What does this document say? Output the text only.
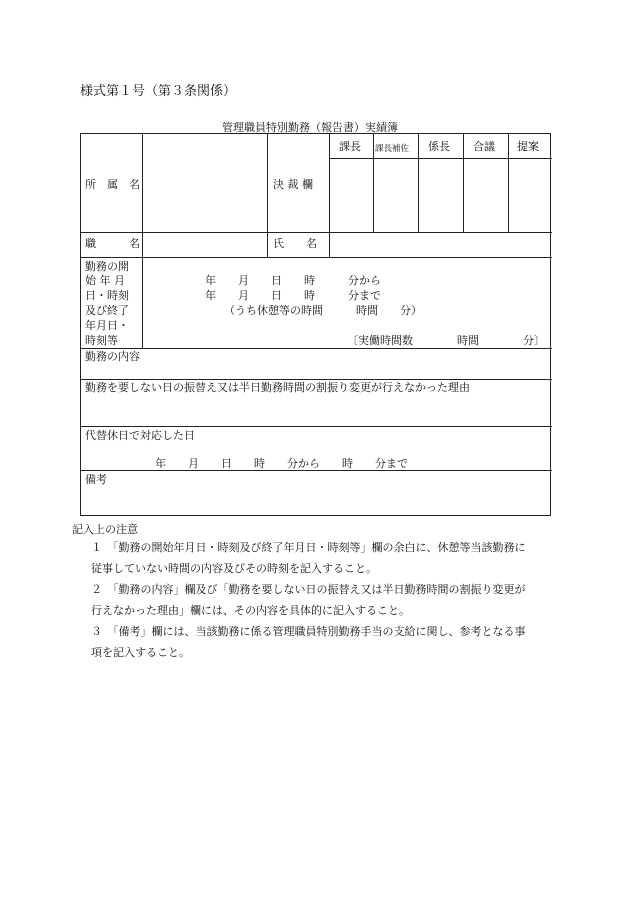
様式第１号（第３条関係）
管理職員特別勤務（報告書）実績簿
課長 課長補佐 係長 合議 提案
所　属　名	決 裁 欄
職　　　名	氏　　名
勤務の開
始 年 月
日・時刻
及び終了
年月日・
時刻等
年　　月　　日　　時　　　分から
年　　月　　日　　時　　　分まで
（うち休憩等の時間　　　時間　　分）
〔実働時間数　　　　時間　　　　分〕
勤務の内容
勤務を要しない日の振替え又は半日勤務時間の割振り変更が行えなかった理由
代替休日で対応した日
年　　月　　日　　時　　分から　　時　　分まで
備考
記入上の注意
　１　「勤務の開始年月日・時刻及び終了年月日・時刻等」欄の余白に、休憩等当該勤務に
　従事していない時間の内容及びその時刻を記入すること。
　２　「勤務の内容」欄及び「勤務を要しない日の振替え又は半日勤務時間の割振り変更が
　行えなかった理由」欄には、その内容を具体的に記入すること。
　３　「備考」欄には、当該勤務に係る管理職員特別勤務手当の支給に関し、参考となる事
　項を記入すること。
